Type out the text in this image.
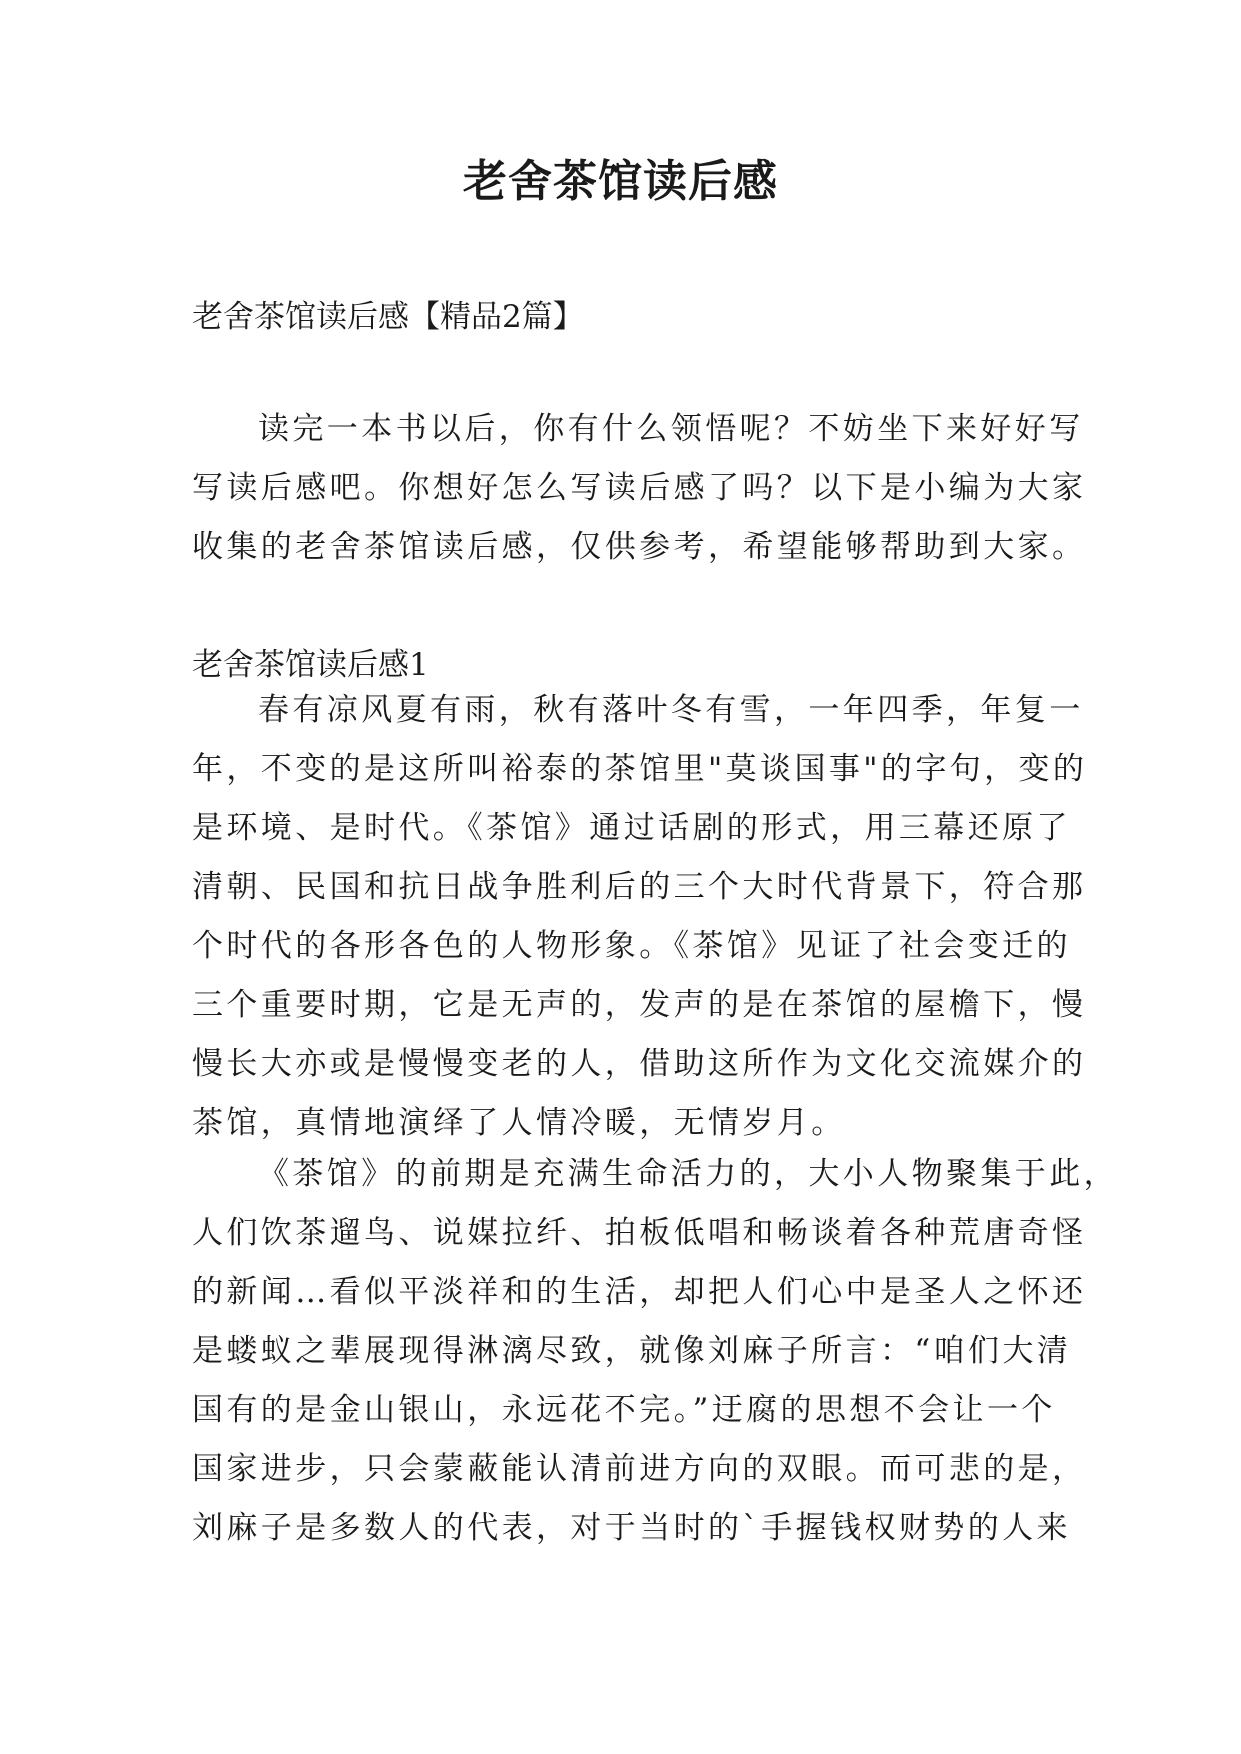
老舍茶馆读后感

老舍茶馆读后感【精品2篇】

读完一本书以后，你有什么领悟呢？不妨坐下来好好写
写读后感吧。你想好怎么写读后感了吗？以下是小编为大家
收集的老舍茶馆读后感，仅供参考，希望能够帮助到大家。
老舍茶馆读后感1
春有凉风夏有雨，秋有落叶冬有雪，一年四季，年复一
年，不变的是这所叫裕泰的茶馆里"莫谈国事"的字句，变的
是环境、是时代。《茶馆》通过话剧的形式，用三幕还原了
清朝、民国和抗日战争胜利后的三个大时代背景下，符合那
个时代的各形各色的人物形象。《茶馆》见证了社会变迁的
三个重要时期，它是无声的，发声的是在茶馆的屋檐下，慢
慢长大亦或是慢慢变老的人，借助这所作为文化交流媒介的
茶馆，真情地演绎了人情冷暖，无情岁月。
《茶馆》的前期是充满生命活力的，大小人物聚集于此，
人们饮茶遛鸟、说媒拉纤、拍板低唱和畅谈着各种荒唐奇怪
的新闻…看似平淡祥和的生活，却把人们心中是圣人之怀还
是蝼蚁之辈展现得淋漓尽致，就像刘麻子所言：“咱们大清
国有的是金山银山，永远花不完。”迂腐的思想不会让一个
国家进步，只会蒙蔽能认清前进方向的双眼。而可悲的是，
刘麻子是多数人的代表，对于当时的`手握钱权财势的人来
